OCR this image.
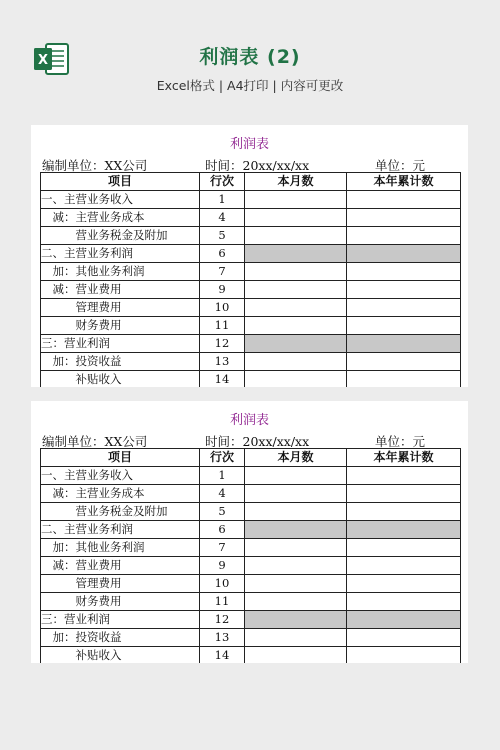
X	利润表 (2)
Excel格式 | A4打印 | 内容可更改
利润表
编制单位：XX公司	时间：20xx/xx/xx	单位：元
项目	行次	本月数	本年累计数
一、主营业务收入	1		
　减：主营业务成本	4		
　　　营业务税金及附加	5		
二、主营业务利润	6		
　加：其他业务利润	7		
　减：营业费用	9		
　　　管理费用	10		
　　　财务费用	11		
三：营业利润	12		
　加：投资收益	13		
　　　补贴收入	14		
利润表
编制单位：XX公司	时间：20xx/xx/xx	单位：元
项目	行次	本月数	本年累计数
一、主营业务收入	1		
　减：主营业务成本	4		
　　　营业务税金及附加	5		
二、主营业务利润	6		
　加：其他业务利润	7		
　减：营业费用	9		
　　　管理费用	10		
　　　财务费用	11		
三：营业利润	12		
　加：投资收益	13		
　　　补贴收入	14		
